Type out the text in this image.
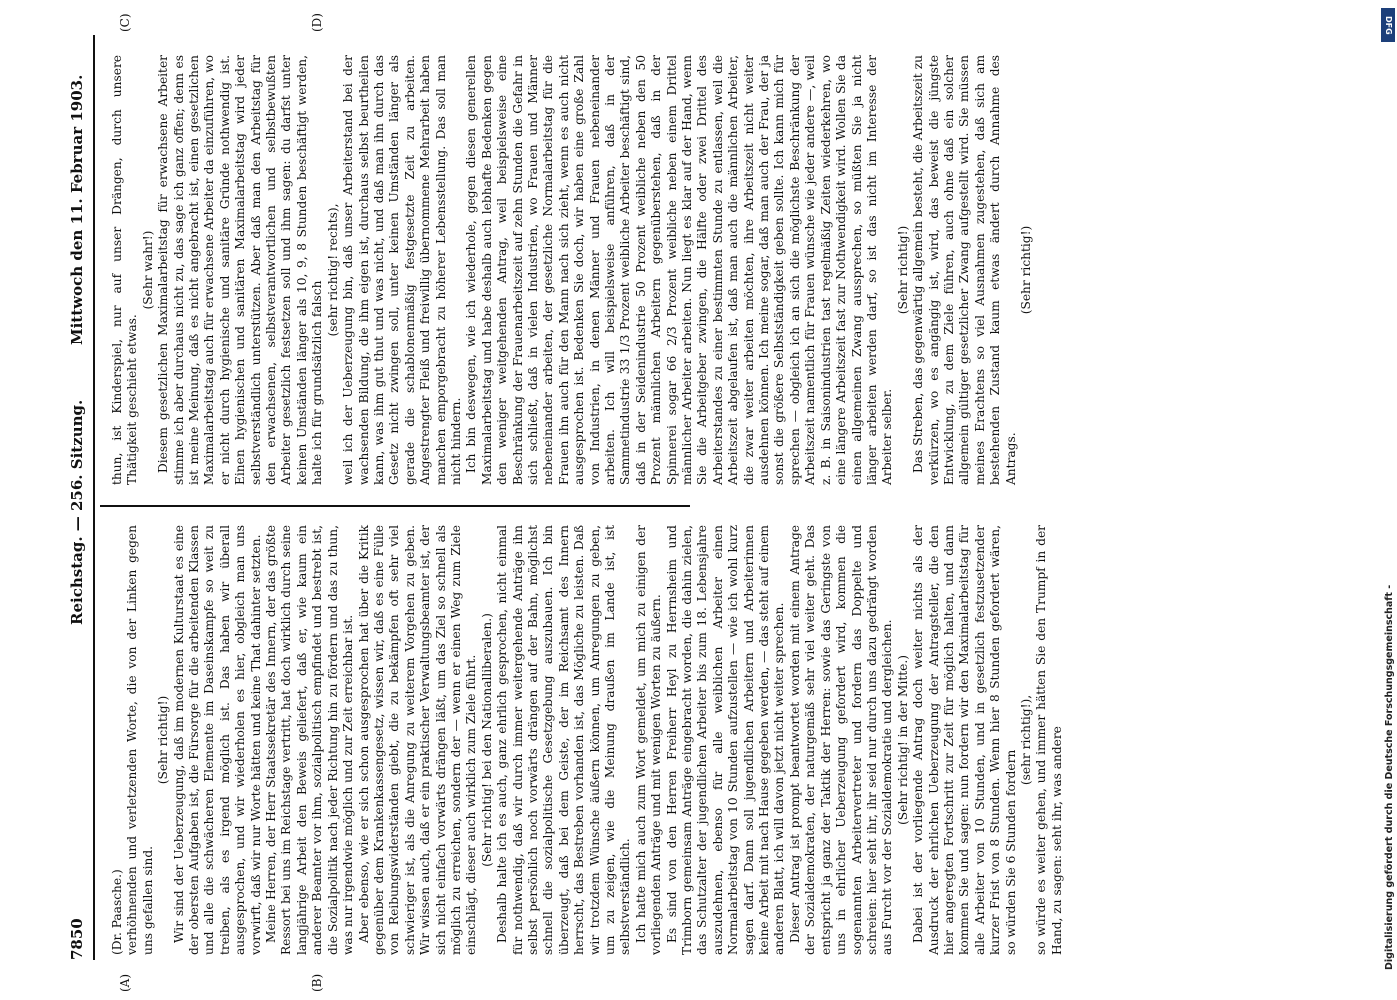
7850
Reichstag. — 256. Sitzung.
Mittwoch den 11. Februar 1903.
(A)	(B)
(C)	(D)

(Dr. Paasche.) verhöhnenden und verletzenden Worte, die von der Linken gegen uns gefallen sind.

(Sehr richtig!) Wir sind der Ueberzeugung, daß im modernen Kulturstaat es eine der obersten Aufgaben ist, die Fürsorge für die arbeitenden Klassen und alle die schwächeren Elemente im Daseinskampfe so weit zu treiben, als es irgend möglich ist. Das haben wir überall ausgesprochen, und wir wiederholen es hier, obgleich man uns vorwirft, daß wir nur Worte hätten und keine That dahinter setzten. Meine Herren, der Herr Staatssekretär des Innern, der das größte Ressort bei uns im Reichstage vertritt, hat doch wirklich durch seine langjährige Arbeit den Beweis geliefert, daß er, wie kaum ein anderer Beamter vor ihm, sozialpolitisch empfindet und bestrebt ist, die Sozialpolitik nach jeder Richtung hin zu fördern und das zu thun, was nur irgendwie möglich und zur Zeit erreichbar ist. Aber ebenso, wie er sich schon ausgesprochen hat über die Kritik gegenüber dem Krankenkassengesetz, wissen wir, daß es eine Fülle von Reibungswiderständen giebt, die zu bekämpfen oft sehr viel schwieriger ist, als die Anregung zu weiterem Vorgehen zu geben. Wir wissen auch, daß er ein praktischer Verwaltungsbeamter ist, der sich nicht einfach vorwärts drängen läßt, um das Ziel so schnell als möglich zu erreichen, sondern der — wenn er einen Weg zum Ziele einschlägt, dieser auch wirklich zum Ziele führt. (Sehr richtig! bei den Nationalliberalen.) Deshalb halte ich es auch, ganz ehrlich gesprochen, nicht einmal für nothwendig, daß wir durch immer weitergehende Anträge ihn selbst persönlich noch vorwärts drängen auf der Bahn, möglichst schnell die sozialpolitische Gesetzgebung auszubauen. Ich bin überzeugt, daß bei dem Geiste, der im Reichsamt des Innern herrscht, das Bestreben vorhanden ist, das Mögliche zu leisten. Daß wir trotzdem Wünsche äußern können, um Anregungen zu geben, um zu zeigen, wie die Meinung draußen im Lande ist, ist selbstverständlich. Ich hatte mich auch zum Wort gemeldet, um mich zu einigen der vorliegenden Anträge und mit wenigen Worten zu äußern. Es sind von den Herren Freiherr Heyl zu Herrnsheim und Trimborn gemeinsam Anträge eingebracht worden, die dahin zielen, das Schutzalter der jugendlichen Arbeiter bis zum 18. Lebensjahre auszudehnen, ebenso für alle weiblichen Arbeiter einen Normalarbeitstag von 10 Stunden aufzustellen — wie ich wohl kurz sagen darf. Dann soll jugendlichen Arbeitern und Arbeiterinnen keine Arbeit mit nach Hause gegeben werden, — das steht auf einem anderen Blatt, ich will davon jetzt nicht weiter sprechen. Dieser Antrag ist prompt beantwortet worden mit einem Antrage der Sozialdemokraten, der naturgemäß sehr viel weiter geht. Das entspricht ja ganz der Taktik der Herren: sowie das Geringste von uns in ehrlicher Ueberzeugung gefordert wird, kommen die sogenannten Arbeitervertreter und fordern das Doppelte und schreien: hier seht ihr, ihr seid nur durch uns dazu gedrängt worden aus Furcht vor der Sozialdemokratie und dergleichen. (Sehr richtig! in der Mitte.) Dabei ist der vorliegende Antrag doch weiter nichts als der Ausdruck der ehrlichen Ueberzeugung der Antragsteller, die den hier angeregten Fortschritt zur Zeit für möglich halten, und dann kommen Sie und sagen: nun fordern wir den Maximalarbeitstag für alle Arbeiter von 10 Stunden, und in gesetzlich festzusetzender kurzer Frist von 8 Stunden. Wenn hier 8 Stunden gefordert wären, so würden Sie 6 Stunden fordern

(sehr richtig!), so würde es weiter gehen, und immer hätten Sie den Trumpf in der Hand, zu sagen: seht ihr, was andere

thun, ist Kinderspiel, nur auf unser Drängen, durch unsere Thätigkeit geschieht etwas.

(Sehr wahr!) Diesem gesetzlichen Maximalarbeitstag für erwachsene Arbeiter stimme ich aber durchaus nicht zu, das sage ich ganz offen; denn es ist meine Meinung, daß es nicht angebracht ist, einen gesetzlichen Maximalarbeitstag auch für erwachsene Arbeiter da einzuführen, wo er nicht durch hygienische und sanitäre Gründe nothwendig ist. Einen hygienischen und sanitären Maximalarbeitstag wird jeder selbstverständlich unterstützen. Aber daß man den Arbeitstag für den erwachsenen, selbstverantwortlichen und selbstbewußten Arbeiter gesetzlich festsetzen soll und ihm sagen: du darfst unter keinen Umständen länger als 10, 9, 8 Stunden beschäftigt werden, halte ich für grundsätzlich falsch

(sehr richtig! rechts), weil ich der Ueberzeugung bin, daß unser Arbeiterstand bei der wachsenden Bildung, die ihm eigen ist, durchaus selbst beurtheilen kann, was ihm gut thut und was nicht, und daß man ihn durch das Gesetz nicht zwingen soll, unter keinen Umständen länger als gerade die schablonenmäßig festgesetzte Zeit zu arbeiten. Angestrengter Fleiß und freiwillig übernommene Mehrarbeit haben manchen emporgebracht zu höherer Lebensstellung. Das soll man nicht hindern. Ich bin deswegen, wie ich wiederhole, gegen diesen generellen Maximalarbeitstag und habe deshalb auch lebhafte Bedenken gegen den weniger weitgehenden Antrag, weil beispielsweise eine Beschränkung der Frauenarbeitszeit auf zehn Stunden die Gefahr in sich schließt, daß in vielen Industrien, wo Frauen und Männer nebeneinander arbeiten, der gesetzliche Normalarbeitstag für die Frauen ihn auch für den Mann nach sich zieht, wenn es auch nicht ausgesprochen ist. Bedenken Sie doch, wir haben eine große Zahl von Industrien, in denen Männer und Frauen nebeneinander arbeiten. Ich will beispielsweise anführen, daß in der Sammetindustrie 33 1/3 Prozent weibliche Arbeiter beschäftigt sind, daß in der Seidenindustrie 50 Prozent weibliche neben den 50 Prozent männlichen Arbeitern gegenüberstehen, daß in der Spinnerei sogar 66 2/3 Prozent weibliche neben einem Drittel männlicher Arbeiter arbeiten. Nun liegt es klar auf der Hand, wenn Sie die Arbeitgeber zwingen, die Hälfte oder zwei Drittel des Arbeiterstandes zu einer bestimmten Stunde zu entlassen, weil die Arbeitszeit abgelaufen ist, daß man auch die männlichen Arbeiter, die zwar weiter arbeiten möchten, ihre Arbeitszeit nicht weiter ausdehnen können. Ich meine sogar, daß man auch der Frau, der ja sonst die größere Selbstständigkeit geben sollte. Ich kann mich für sprechen — obgleich ich an sich die möglichste Beschränkung der Arbeitszeit namentlich für Frauen wünsche wie jeder andere —, weil z. B. in Saisonindustrien tast regelmäßig Zeiten wiederkehren, wo eine längere Arbeitszeit fast zur Nothwendigkeit wird. Wollen Sie da einen allgemeinen Zwang aussprechen, so müßten Sie ja nicht länger arbeiten werden darf, so ist das nicht im Interesse der Arbeiter selber.

(Sehr richtig!) Das Streben, das gegenwärtig allgemein besteht, die Arbeitszeit zu verkürzen, wo es angängig ist, wird, das beweist die jüngste Entwicklung, zu dem Ziele führen, auch ohne daß ein solcher allgemein gültiger gesetzlicher Zwang aufgestellt wird. Sie müssen meines Erachtens so viel Ausnahmen zugestehen, daß sich am bestehenden Zustand kaum etwas ändert durch Annahme des Antrags.

(Sehr richtig!)

DFG
Digitalisierung gefördert durch die Deutsche Forschungsgemeinschaft -
